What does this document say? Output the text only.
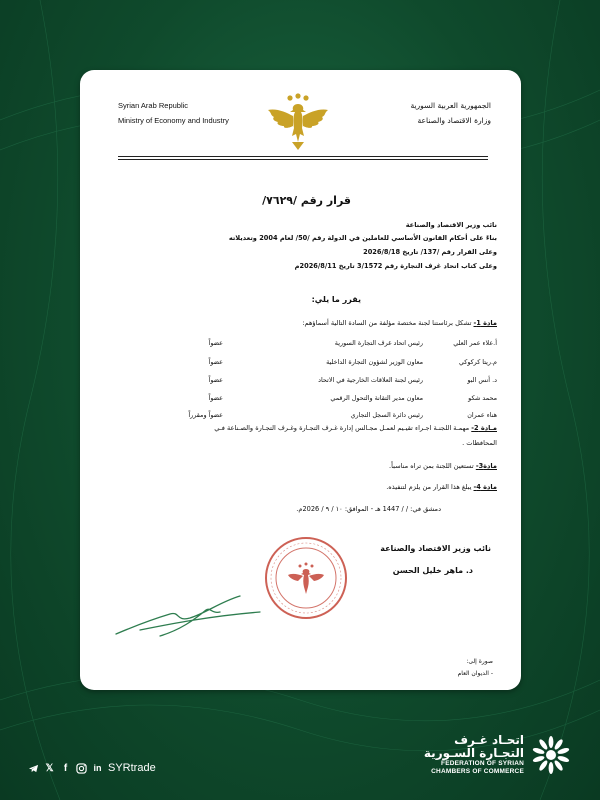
Syrian Arab Republic
Ministry of Economy and Industry
الجمهورية العربية السورية
وزارة الاقتصاد والصناعة
قرار رقم /٧٦٢٩/
نائب وزير الاقتصاد والصناعة
بناءً على أحكام القانون الأساسي للعاملين في الدولة رقم /50/ لعام 2004 وتعديلاته
وعلى القرار رقم /137/ تاريخ 2026/8/18
وعلى كتاب اتحاد غرف التجارة رقم 3/1572 تاريخ 2026/8/11م
يقرر ما يلي:
مادة 1- تشكل برئاستنا لجنة مختصة مؤلفة من السادة التالية أسماؤهم:
أ.علاء عمر العلي
رئيس اتحاد غرف التجارة السورية
عضواً
م.ريتا كركوكي
معاون الوزير لشؤون التجارة الداخلية
عضواً
د. أنس البو
رئيس لجنة العلاقات الخارجية في الاتحاد
عضواً
محمد شكو
معاون مدير التقانة والتحول الرقمي
عضواً
هناء عمران
رئيس دائرة السجل التجاري
عضواً ومقرراً
مـادة 2- مهمـة اللجنـة اجـراء تقيـيم لعمـل مجـالس إدارة غـرف التجـارة وغـرف التجـارة والصـناعة فـي
المحافظات .
مادة3- تستعين اللجنة بمن تراه مناسباً.
مادة 4- يبلغ هذا القرار من يلزم لتنفيذه.
دمشق في: / / 1447 هـ - الموافق: ١٠ / ٩ / 2026م.
نائب وزير الاقتصاد والصناعة
د. ماهر خليل الحسن
صورة إلى:
- الديوان العام
𝕏	f	in SYRtrade
اتحـاد غـرف
التجـارة السـورية
FEDERATION OF SYRIAN
CHAMBERS OF COMMERCE
